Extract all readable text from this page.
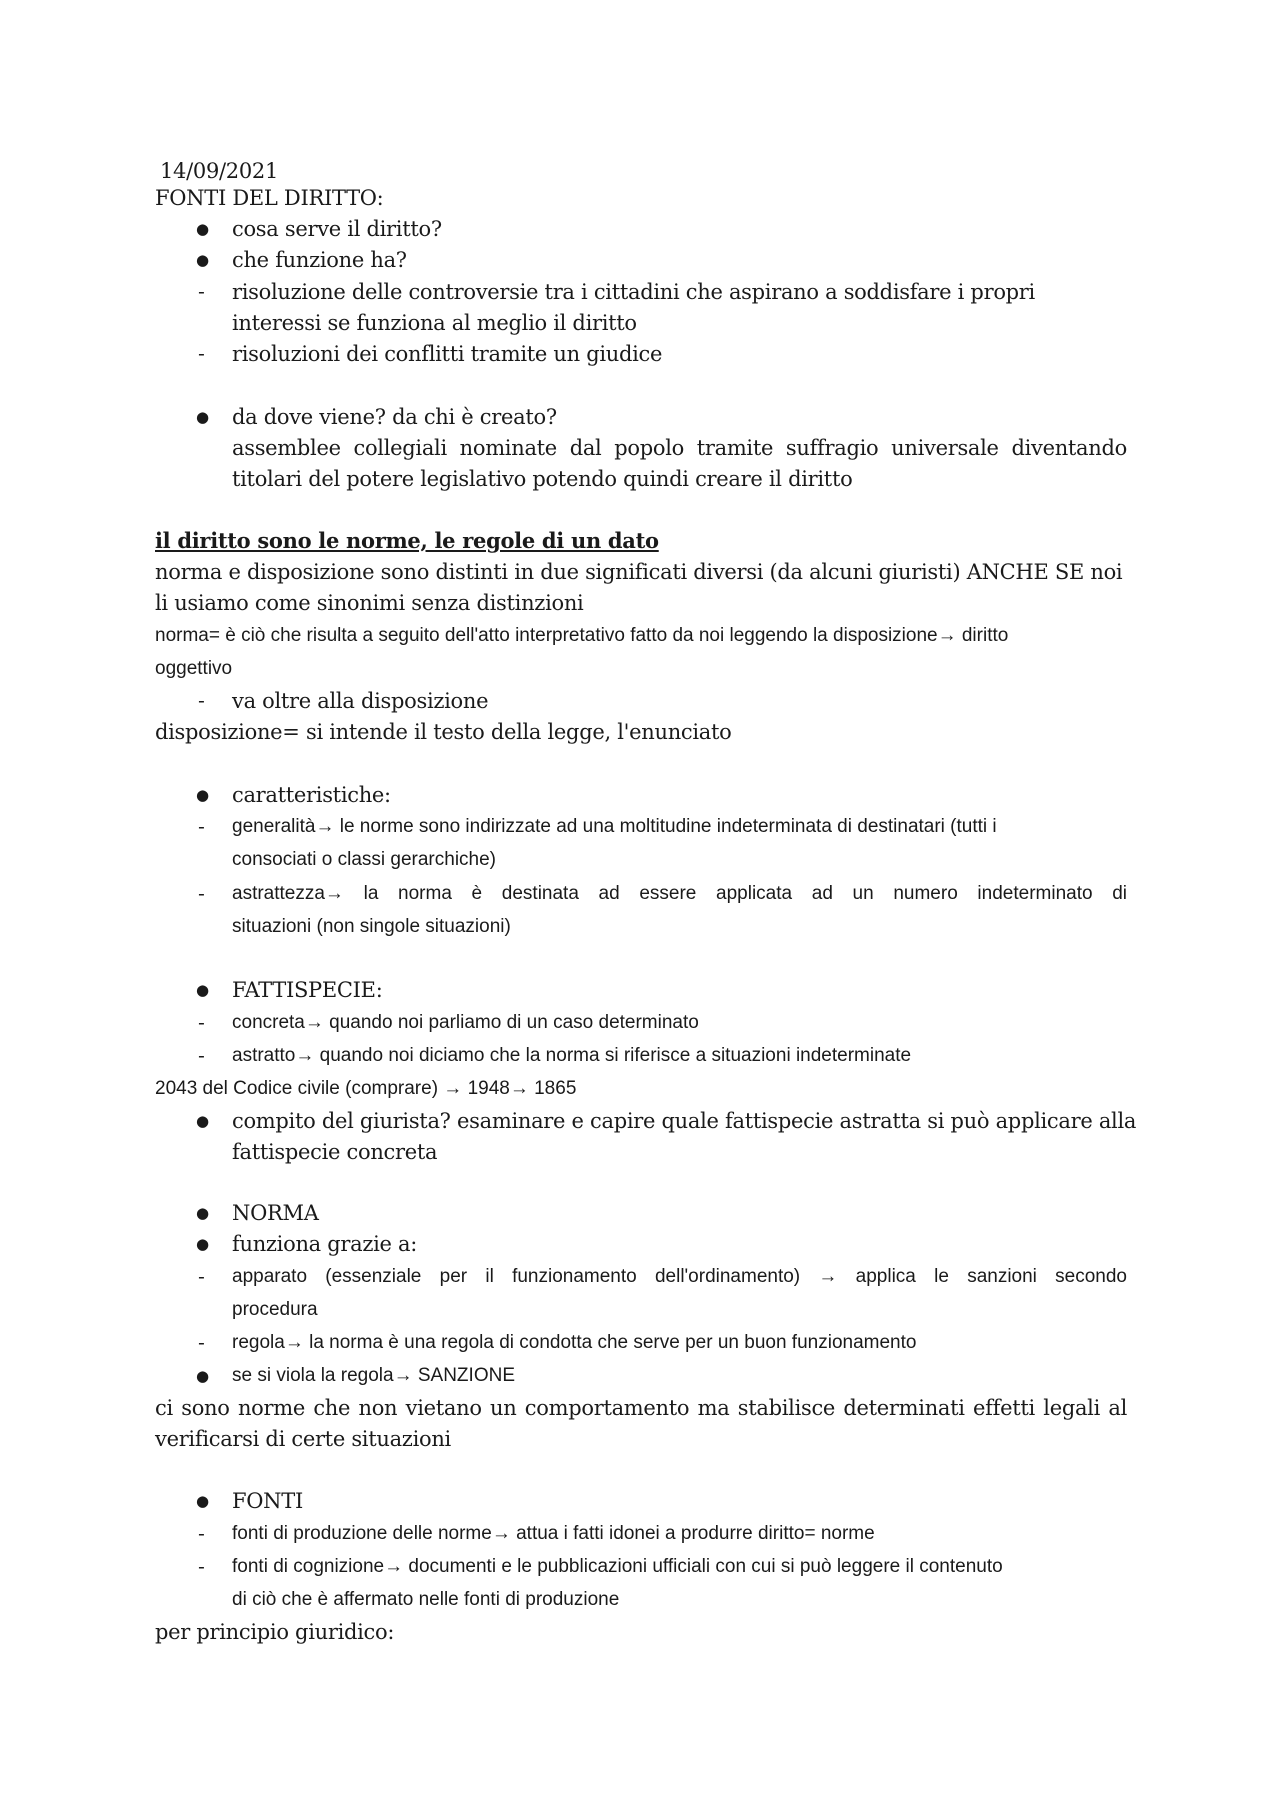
14/09/2021
FONTI DEL DIRITTO:
● cosa serve il diritto?
● che funzione ha?
- risoluzione delle controversie tra i cittadini che aspirano a soddisfare i propri
interessi se funziona al meglio il diritto
- risoluzioni dei conflitti tramite un giudice
● da dove viene? da chi è creato?
assemblee collegiali nominate dal popolo tramite suffragio universale diventando
titolari del potere legislativo potendo quindi creare il diritto
il diritto sono le norme, le regole di un dato
norma e disposizione sono distinti in due significati diversi (da alcuni giuristi) ANCHE SE noi
li usiamo come sinonimi senza distinzioni
norma= è ciò che risulta a seguito dell'atto interpretativo fatto da noi leggendo la disposizione→ diritto
oggettivo
- va oltre alla disposizione
disposizione= si intende il testo della legge, l'enunciato
● caratteristiche:
- generalità→ le norme sono indirizzate ad una moltitudine indeterminata di destinatari (tutti i
consociati o classi gerarchiche)
- astrattezza→ la norma è destinata ad essere applicata ad un numero indeterminato di
situazioni (non singole situazioni)
● FATTISPECIE:
- concreta→ quando noi parliamo di un caso determinato
- astratto→ quando noi diciamo che la norma si riferisce a situazioni indeterminate
2043 del Codice civile (comprare) → 1948→ 1865
● compito del giurista? esaminare e capire quale fattispecie astratta si può applicare alla
fattispecie concreta
● NORMA
● funziona grazie a:
- apparato (essenziale per il funzionamento dell'ordinamento) → applica le sanzioni secondo
procedura
- regola→ la norma è una regola di condotta che serve per un buon funzionamento
● se si viola la regola→ SANZIONE
ci sono norme che non vietano un comportamento ma stabilisce determinati effetti legali al
verificarsi di certe situazioni
● FONTI
- fonti di produzione delle norme→ attua i fatti idonei a produrre diritto= norme
- fonti di cognizione→ documenti e le pubblicazioni ufficiali con cui si può leggere il contenuto
di ciò che è affermato nelle fonti di produzione
per principio giuridico:
